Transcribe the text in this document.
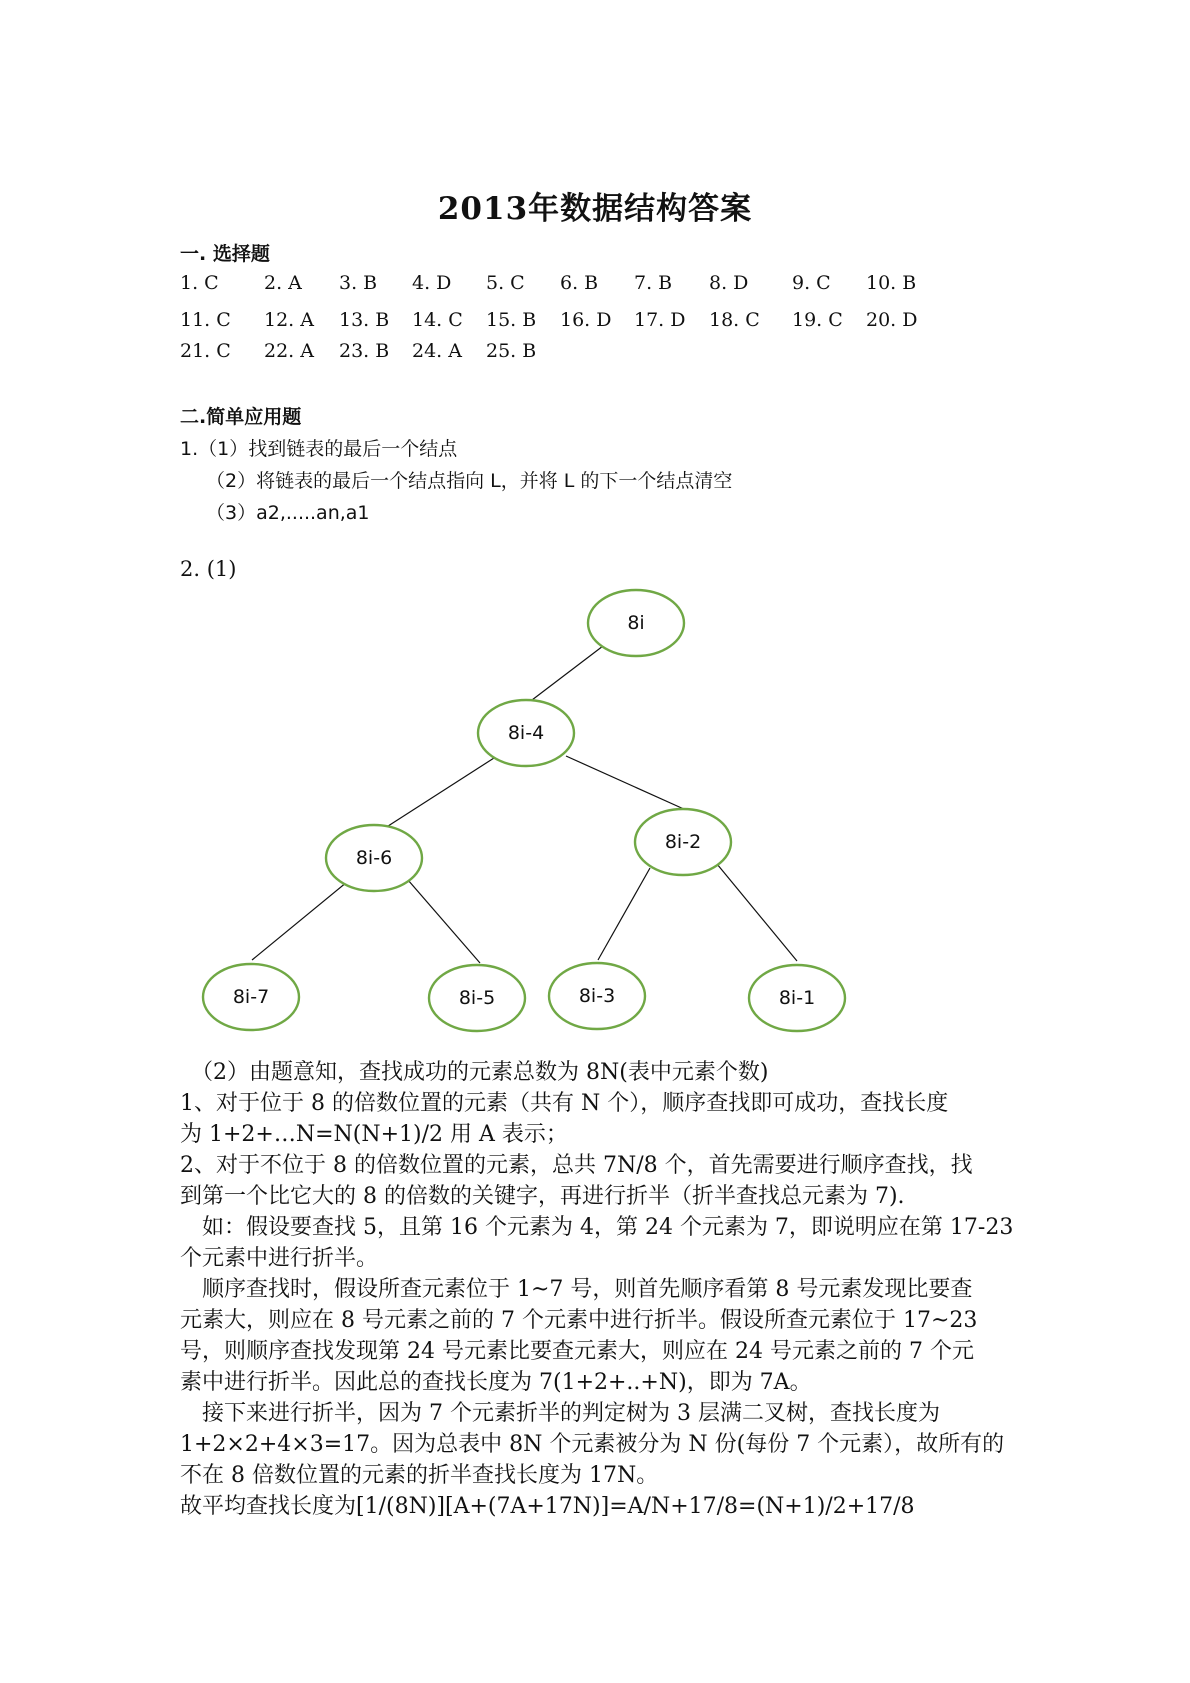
2013年数据结构答案
一. 选择题
1. C 2. A 3. B 4. D 5. C 6. B 7. B 8. D 9. C 10. B
11. C 12. A 13. B 14. C 15. B 16. D 17. D 18. C 19. C 20. D
21. C 22. A 23. B 24. A 25. B
二.简单应用题
1.（1）找到链表的最后一个结点
（2）将链表的最后一个结点指向 L，并将 L 的下一个结点清空
（3）a2,.....an,a1
2. (1)
8i
8i-4
8i-6
8i-2
8i-7	8i-5	8i-3	8i-1

　（2）由题意知，查找成功的元素总数为 8N(表中元素个数)

1、对于位于 8 的倍数位置的元素（共有 N 个），顺序查找即可成功，查找长度

为 1+2+…N=N(N+1)/2 用 A 表示；

2、对于不位于 8 的倍数位置的元素，总共 7N/8 个，首先需要进行顺序查找，找

到第一个比它大的 8 的倍数的关键字，再进行折半（折半查找总元素为 7).

　如：假设要查找 5，且第 16 个元素为 4，第 24 个元素为 7，即说明应在第 17-23

个元素中进行折半。

　顺序查找时，假设所查元素位于 1~7 号，则首先顺序看第 8 号元素发现比要查

元素大，则应在 8 号元素之前的 7 个元素中进行折半。假设所查元素位于 17~23

号，则顺序查找发现第 24 号元素比要查元素大，则应在 24 号元素之前的 7 个元

素中进行折半。因此总的查找长度为 7(1+2+..+N)，即为 7A。

　接下来进行折半，因为 7 个元素折半的判定树为 3 层满二叉树，查找长度为

1+2×2+4×3=17。因为总表中 8N 个元素被分为 N 份(每份 7 个元素），故所有的

不在 8 倍数位置的元素的折半查找长度为 17N。

故平均查找长度为[1/(8N)][A+(7A+17N)]=A/N+17/8=(N+1)/2+17/8
